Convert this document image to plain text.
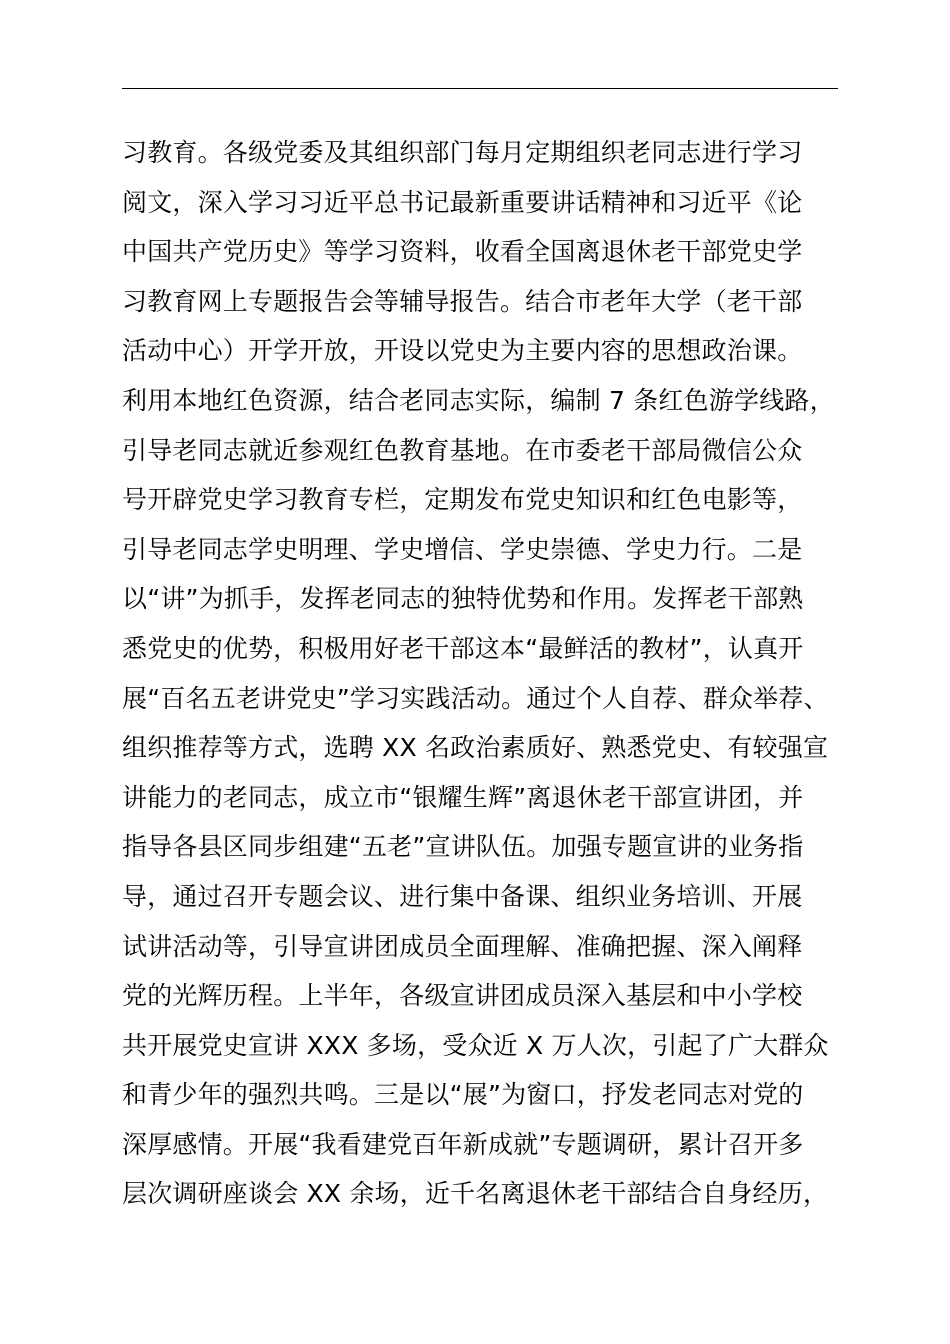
习教育。各级党委及其组织部门每月定期组织老同志进行学习
阅文，深入学习习近平总书记最新重要讲话精神和习近平《论
中国共产党历史》等学习资料，收看全国离退休老干部党史学
习教育网上专题报告会等辅导报告。结合市老年大学（老干部
活动中心）开学开放，开设以党史为主要内容的思想政治课。
利用本地红色资源，结合老同志实际，编制 7 条红色游学线路，
引导老同志就近参观红色教育基地。在市委老干部局微信公众
号开辟党史学习教育专栏，定期发布党史知识和红色电影等，
引导老同志学史明理、学史增信、学史崇德、学史力行。二是
以“讲”为抓手，发挥老同志的独特优势和作用。发挥老干部熟
悉党史的优势，积极用好老干部这本“最鲜活的教材”，认真开
展“百名五老讲党史”学习实践活动。通过个人自荐、群众举荐、
组织推荐等方式，选聘 XX 名政治素质好、熟悉党史、有较强宣
讲能力的老同志，成立市“银耀生辉”离退休老干部宣讲团，并
指导各县区同步组建“五老”宣讲队伍。加强专题宣讲的业务指
导，通过召开专题会议、进行集中备课、组织业务培训、开展
试讲活动等，引导宣讲团成员全面理解、准确把握、深入阐释
党的光辉历程。上半年，各级宣讲团成员深入基层和中小学校
共开展党史宣讲 XXX 多场，受众近 X 万人次，引起了广大群众
和青少年的强烈共鸣。三是以“展”为窗口，抒发老同志对党的
深厚感情。开展“我看建党百年新成就”专题调研，累计召开多
层次调研座谈会 XX 余场，近千名离退休老干部结合自身经历，
